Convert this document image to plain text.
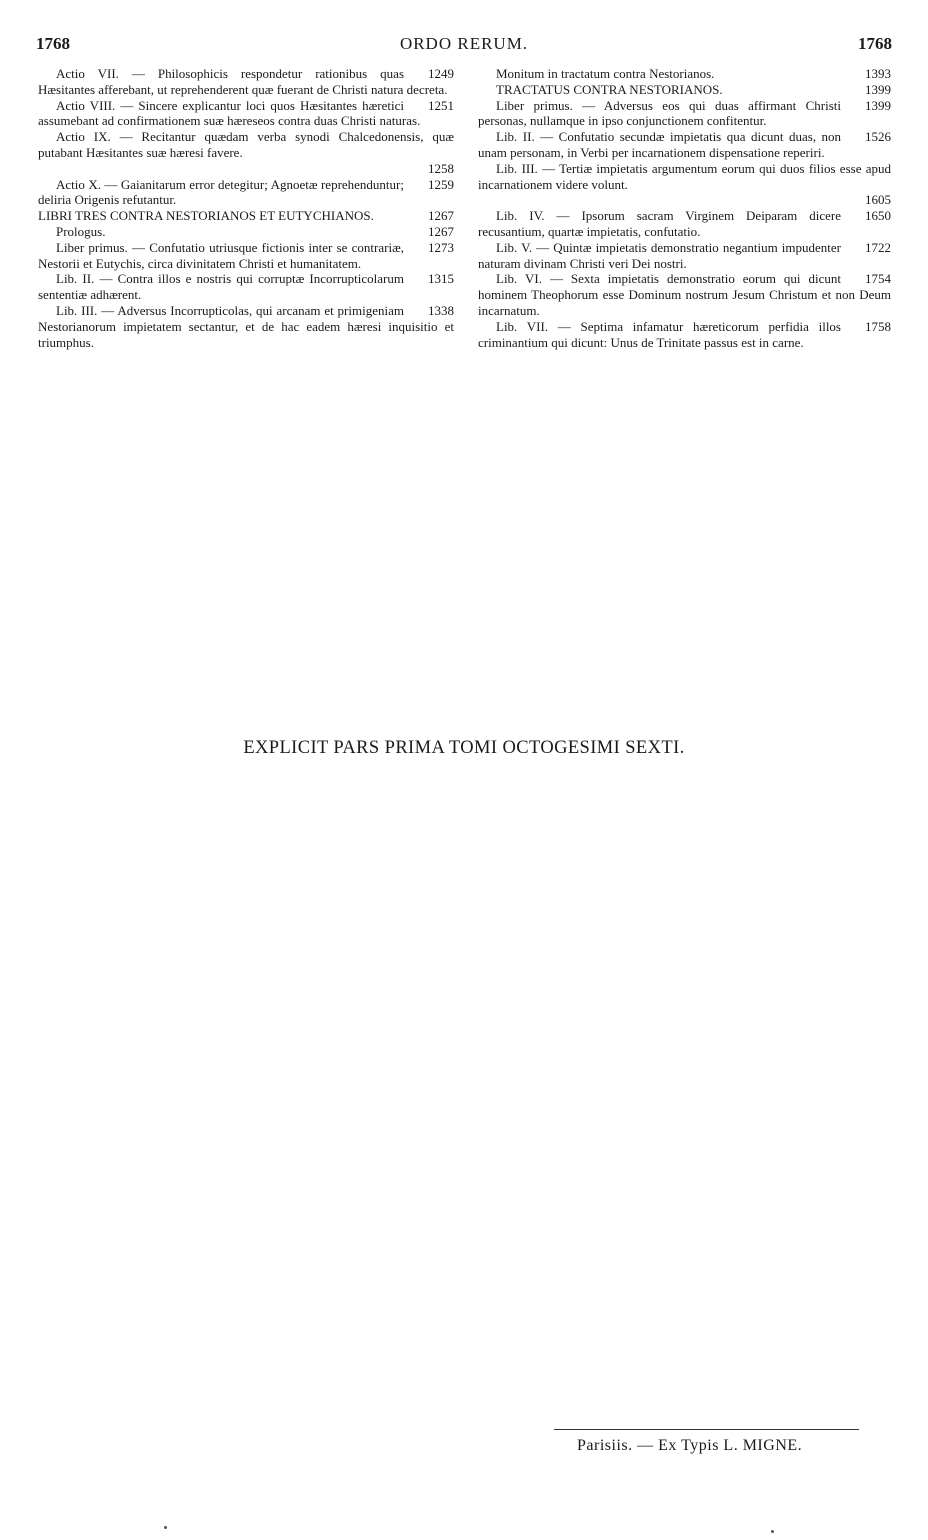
1768	ORDO RERUM.	1768

1249
Actio VII. — Philosophicis respondetur rationibus quas Hæsitantes afferebant, ut reprehenderent quæ fuerant de Christi natura decreta.

1251
Actio VIII. — Sincere explicantur loci quos Hæsitantes hæretici assumebant ad confirmationem suæ hæreseos contra duas Christi naturas.

Actio IX. — Recitantur quædam verba synodi Chalcedonensis, quæ putabant Hæsitantes suæ hæresi favere.
1258

1259
Actio X. — Gaianitarum error detegitur; Agnoetæ reprehenduntur; deliria Origenis refutantur.

1267
LIBRI TRES CONTRA NESTORIANOS ET EUTYCHIANOS.

1267
Prologus.

1273
Liber primus. — Confutatio utriusque fictionis inter se contrariæ, Nestorii et Eutychis, circa divinitatem Christi et humanitatem.

1315
Lib. II. — Contra illos e nostris qui corruptæ Incorrupticolarum sententiæ adhærent.

1338
Lib. III. — Adversus Incorrupticolas, qui arcanam et primigeniam Nestorianorum impietatem sectantur, et de hac eadem hæresi inquisitio et triumphus.

1393
Monitum in tractatum contra Nestorianos.

1399
TRACTATUS CONTRA NESTORIANOS.

1399
Liber primus. — Adversus eos qui duas affirmant Christi personas, nullamque in ipso conjunctionem confitentur.

1526
Lib. II. — Confutatio secundæ impietatis qua dicunt duas, non unam personam, in Verbi per incarnationem dispensatione reperiri.

Lib. III. — Tertiæ impietatis argumentum eorum qui duos filios esse apud incarnationem videre volunt.
1605

1650
Lib. IV. — Ipsorum sacram Virginem Deiparam dicere recusantium, quartæ impietatis, confutatio.

1722
Lib. V. — Quintæ impietatis demonstratio negantium impudenter naturam divinam Christi veri Dei nostri.

1754
Lib. VI. — Sexta impietatis demonstratio eorum qui dicunt hominem Theophorum esse Dominum nostrum Jesum Christum et non Deum incarnatum.

1758
Lib. VII. — Septima infamatur hæreticorum perfidia illos criminantium qui dicunt: Unus de Trinitate passus est in carne.

EXPLICIT PARS PRIMA TOMI OCTOGESIMI SEXTI.
Parisiis. — Ex Typis L. MIGNE.
